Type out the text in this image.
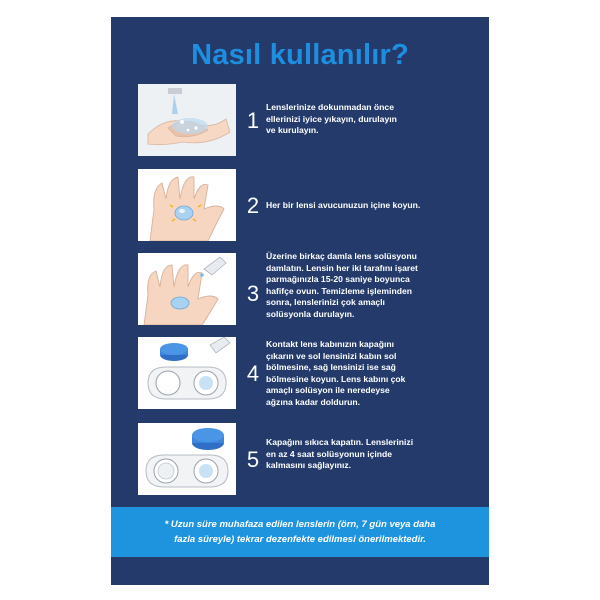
Nasıl kullanılır?
1
Lenslerinize dokunmadan önce
ellerinizi iyice yıkayın, durulayın
ve kurulayın.
2 Her bir lensi avucunuzun içine koyun.
3
Üzerine birkaç damla lens solüsyonu
damlatın. Lensin her iki tarafını işaret
parmağınızla 15-20 saniye boyunca
hafifçe ovun. Temizleme işleminden
sonra, lenslerinizi çok amaçlı
solüsyonla durulayın.
4
Kontakt lens kabınızın kapağını
çıkarın ve sol lensinizi kabın sol
bölmesine, sağ lensinizi ise sağ
bölmesine koyun. Lens kabını çok
amaçlı solüsyon ile neredeyse
ağzına kadar doldurun.
5
Kapağını sıkıca kapatın. Lenslerinizi
en az 4 saat solüsyonun içinde
kalmasını sağlayınız.
* Uzun süre muhafaza edilen lenslerin (örn, 7 gün veya daha
fazla süreyle) tekrar dezenfekte edilmesi önerilmektedir.
